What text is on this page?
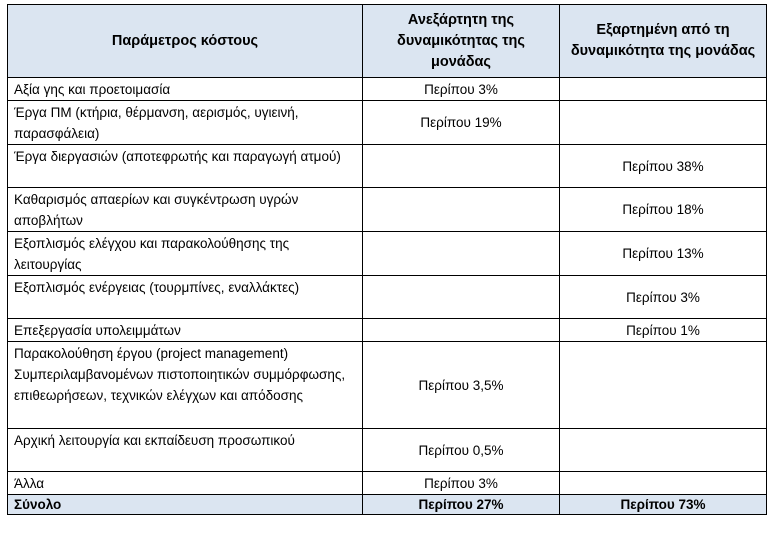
Παράμετρος κόστους	Ανεξάρτητη της δυναμικότητας της μονάδας	Εξαρτημένη από τη δυναμικότητα της μονάδας
Αξία γης και προετοιμασία	Περίπου 3%	
Έργα ΠΜ (κτήρια, θέρμανση, αερισμός, υγιεινή, παρασφάλεια)	Περίπου 19%	
Έργα διεργασιών (αποτεφρωτής και παραγωγή ατμού)		Περίπου 38%
Καθαρισμός απαερίων και συγκέντρωση υγρών αποβλήτων		Περίπου 18%
Εξοπλισμός ελέγχου και παρακολούθησης της λειτουργίας		Περίπου 13%
Εξοπλισμός ενέργειας (τουρμπίνες, εναλλάκτες)		Περίπου 3%
Επεξεργασία υπολειμμάτων		Περίπου 1%
Παρακολούθηση έργου (project management) Συμπεριλαμβανομένων πιστοποιητικών συμμόρφωσης, επιθεωρήσεων, τεχνικών ελέγχων και απόδοσης	Περίπου 3,5%	
Αρχική λειτουργία και εκπαίδευση προσωπικού	Περίπου 0,5%	
Άλλα	Περίπου 3%	
Σύνολο	Περίπου 27%	Περίπου 73%
